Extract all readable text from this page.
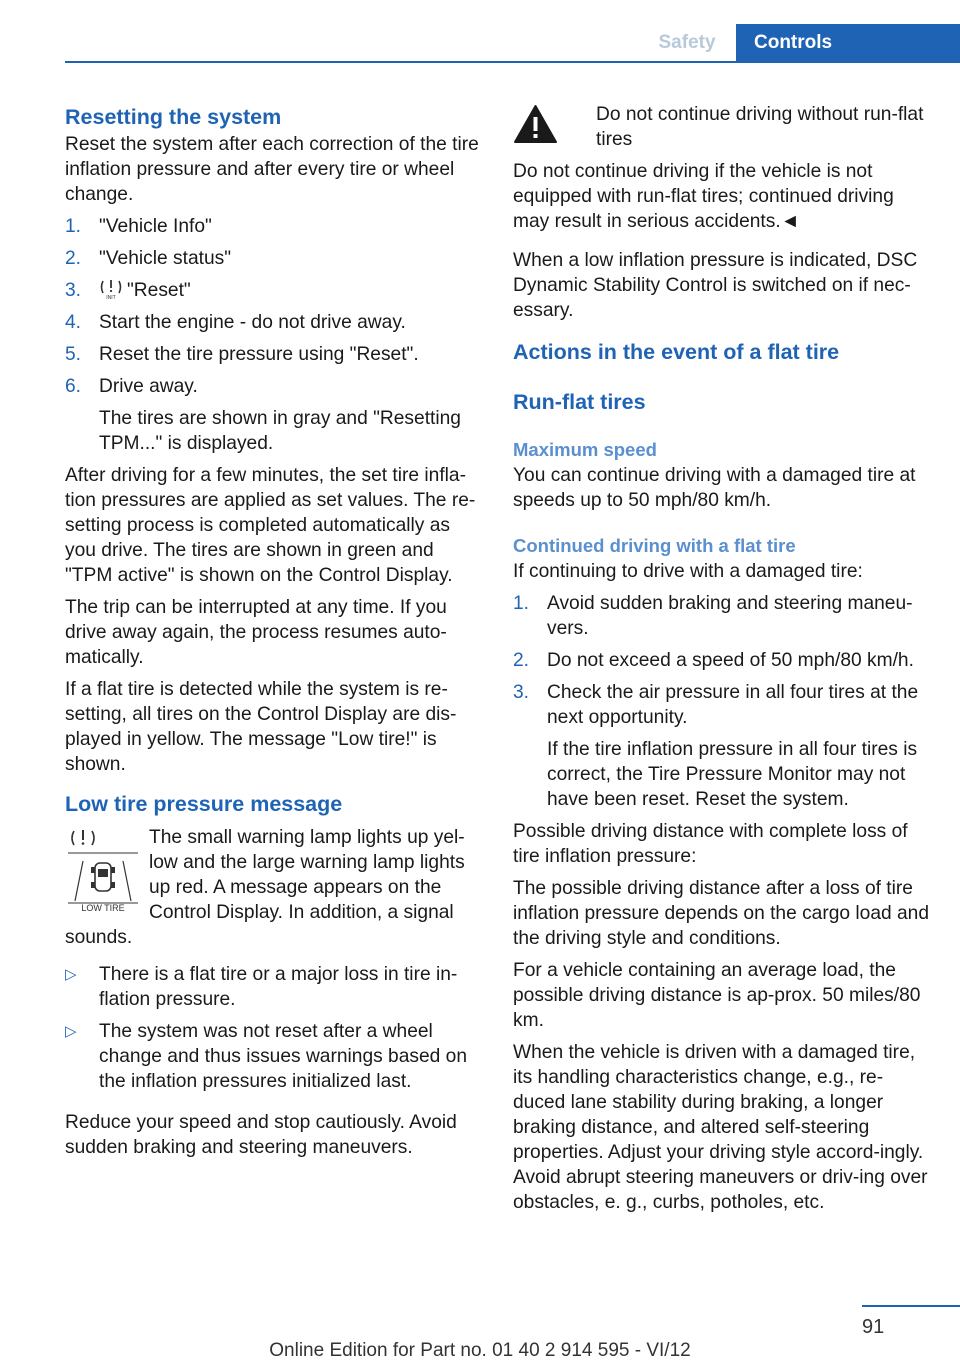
Safety	Controls
Resetting the system

Reset the system after each correction of the tire inflation pressure and after every tire or wheel change.

1. "Vehicle Info"
2. "Vehicle status"
3.	INIT "Reset"
4. Start the engine - do not drive away.
5. Reset the tire pressure using "Reset".
6. Drive away.
The tires are shown in gray and "Resetting TPM..." is displayed.

After driving for a few minutes, the set tire infla-tion pressures are applied as set values. The re-setting process is completed automatically as you drive. The tires are shown in green and "TPM active" is shown on the Control Display.

The trip can be interrupted at any time. If you drive away again, the process resumes auto-matically.

If a flat tire is detected while the system is re-setting, all tires on the Control Display are dis-played in yellow. The message "Low tire!" is shown.

Low tire pressure message
LOW TIRE
The small warning lamp lights up yel-low and the large warning lamp lights up red. A message appears on the Control Display. In addition, a signal sounds.
▷ There is a flat tire or a major loss in tire in-flation pressure.
▷ The system was not reset after a wheel change and thus issues warnings based on the inflation pressures initialized last.

Reduce your speed and stop cautiously. Avoid sudden braking and steering maneuvers.

Do not continue driving without run-flat tires

Do not continue driving if the vehicle is not equipped with run-flat tires; continued driving may result in serious accidents.◄

When a low inflation pressure is indicated, DSC Dynamic Stability Control is switched on if nec-essary.

Actions in the event of a flat tire
Run-flat tires
Maximum speed

You can continue driving with a damaged tire at speeds up to 50 mph/80 km/h.

Continued driving with a flat tire

If continuing to drive with a damaged tire:

1. Avoid sudden braking and steering maneu-vers.
2. Do not exceed a speed of 50 mph/80 km/h.
3. Check the air pressure in all four tires at the next opportunity.
If the tire inflation pressure in all four tires is correct, the Tire Pressure Monitor may not have been reset. Reset the system.

Possible driving distance with complete loss of tire inflation pressure:

The possible driving distance after a loss of tire inflation pressure depends on the cargo load and the driving style and conditions.

For a vehicle containing an average load, the possible driving distance is ap-prox. 50 miles/80 km.

When the vehicle is driven with a damaged tire, its handling characteristics change, e.g., re-duced lane stability during braking, a longer braking distance, and altered self-steering properties. Adjust your driving style accord-ingly. Avoid abrupt steering maneuvers or driv-ing over obstacles, e. g., curbs, potholes, etc.

91
Online Edition for Part no. 01 40 2 914 595 - VI/12
